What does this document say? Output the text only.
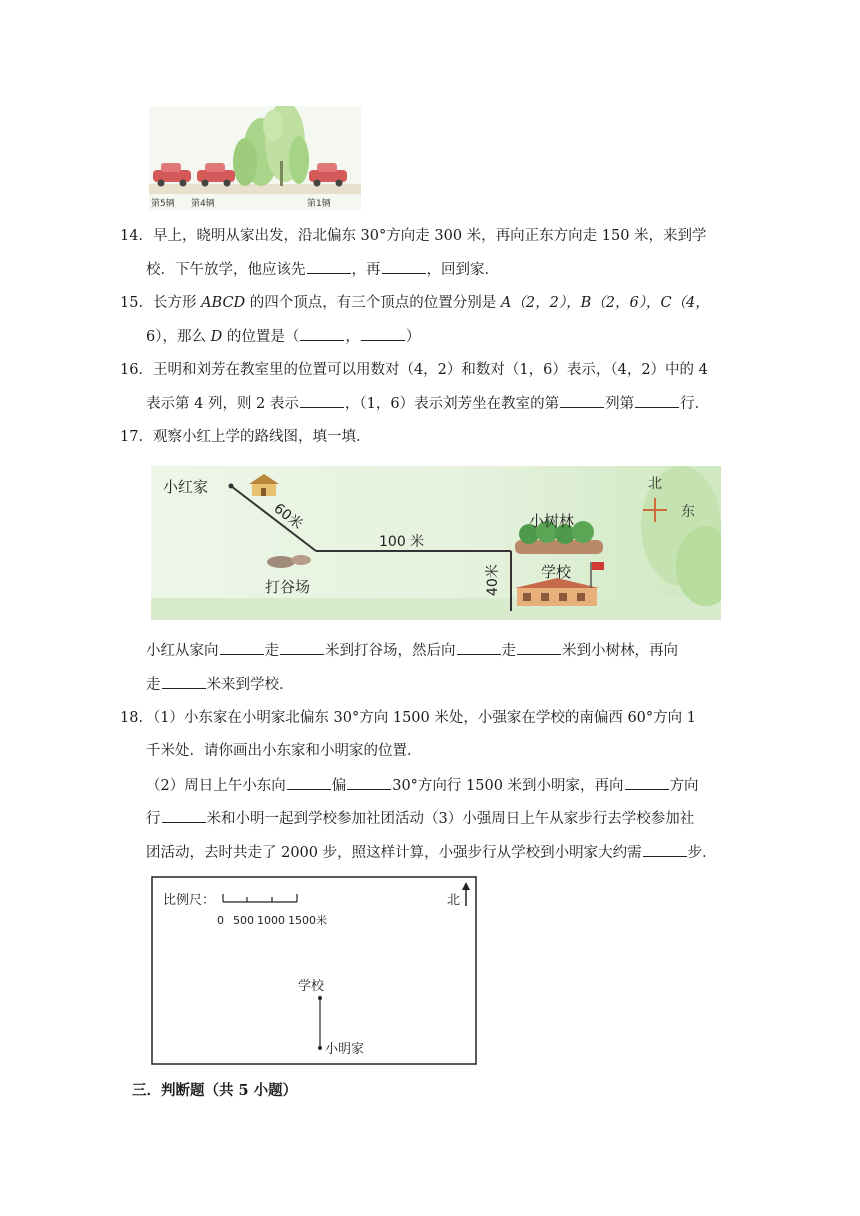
第5辆 第4辆	第1辆
14．早上，晓明从家出发，沿北偏东 30°方向走 300 米，再向正东方向走 150 米，来到学
校．下午放学，他应该先	，再	，回到家．
15．长方形 ABCD 的四个顶点，有三个顶点的位置分别是 A（2，2），B（2，6），C（4，
6），那么 D 的位置是（	，	）
16．王明和刘芳在教室里的位置可以用数对（4，2）和数对（1，6）表示，（4，2）中的 4
表示第 4 列，则 2 表示	，（1，6）表示刘芳坐在教室的第	列第	行．
17．观察小红上学的路线图，填一填．
北
东
小红家
60米
100 米
40米
打谷场
小树林
学校
小红从家向	走	米到打谷场，然后向	走	米到小树林，再向
走	米来到学校．
18．（1）小东家在小明家北偏东 30°方向 1500 米处，小强家在学校的南偏西 60°方向 1
千米处．请你画出小东家和小明家的位置．
（2）周日上午小东向	偏	30°方向行 1500 米到小明家，再向	方向
行	米和小明一起到学校参加社团活动（3）小强周日上午从家步行去学校参加社
团活动，去时共走了 2000 步，照这样计算，小强步行从学校到小明家大约需	步．
比例尺：
0 500 1000 1500米
北
学校
小明家
三．判断题（共 5 小题）
